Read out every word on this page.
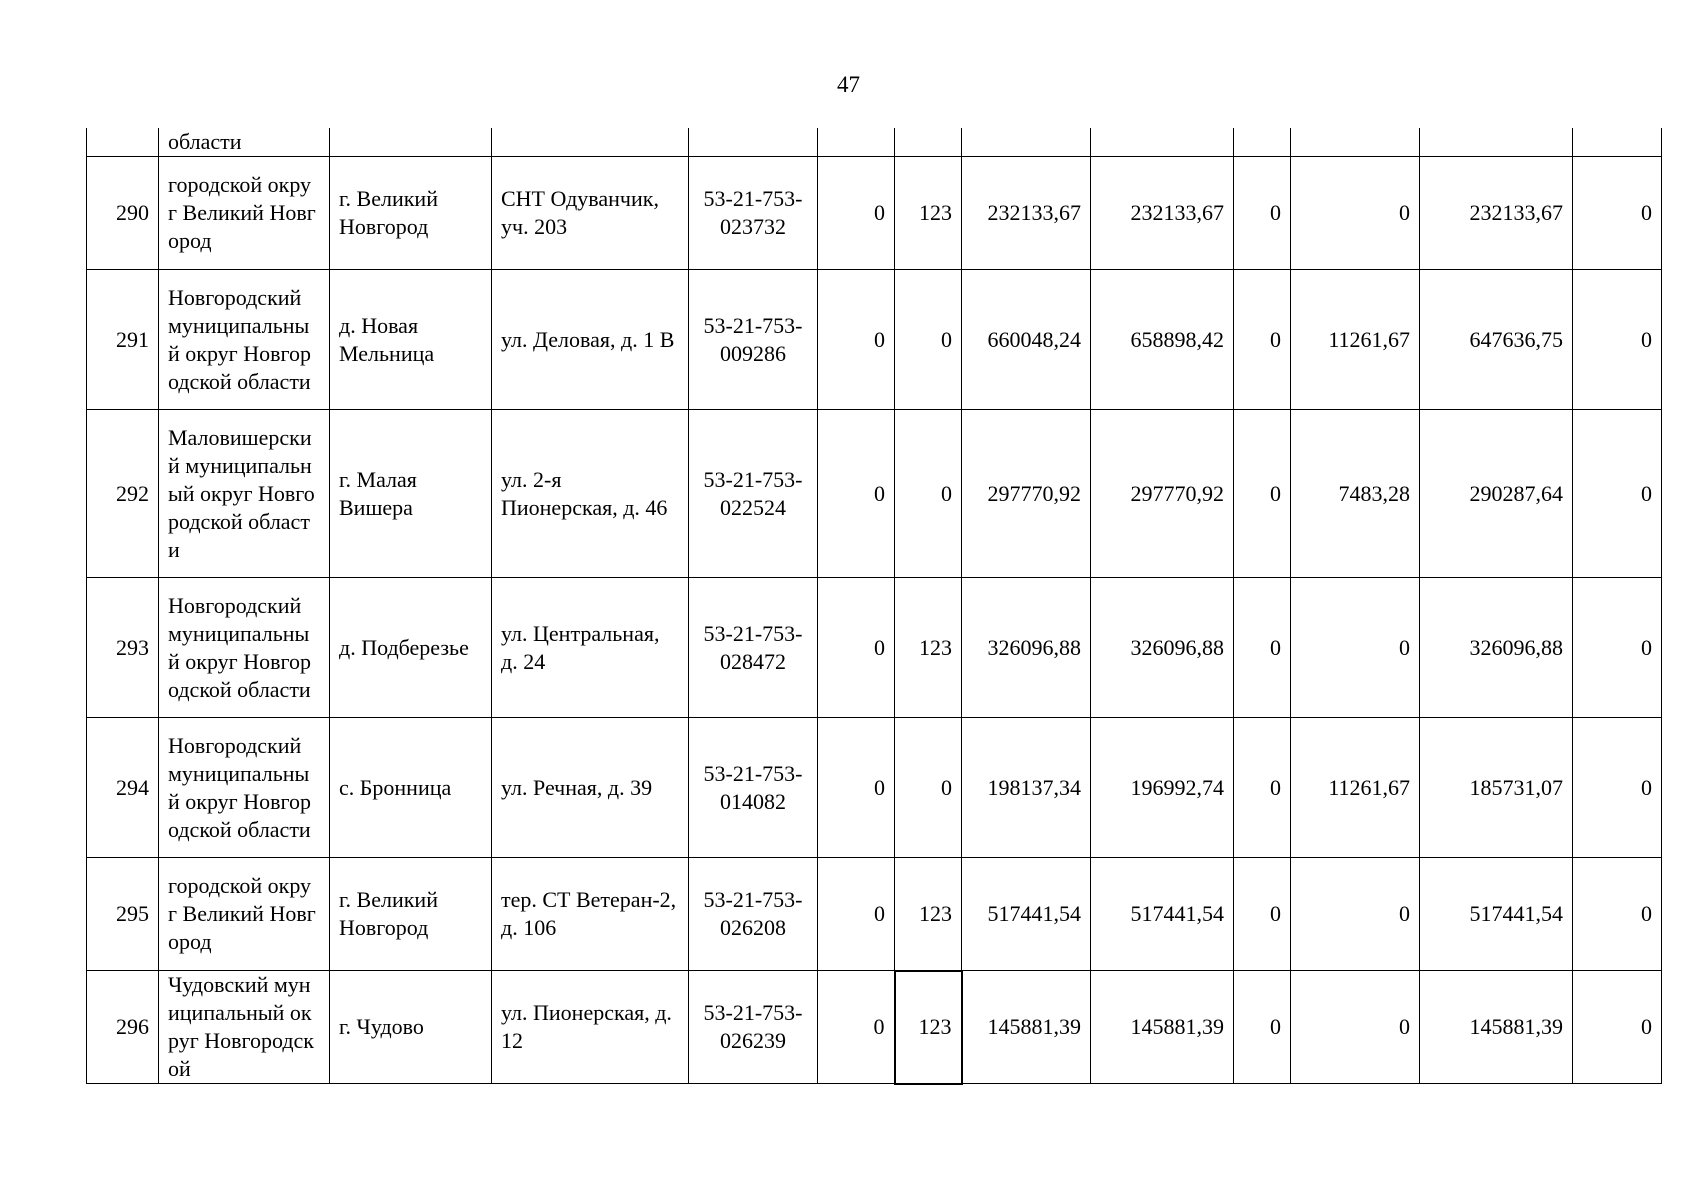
47
	области											
290	городской округ Великий Новгород	г. Великий Новгород	СНТ Одуванчик, уч. 203	53-21-753-023732	0	123	232133,67	232133,67	0	0	232133,67	0
291	Новгородский муниципальный округ Новгородской области	д. Новая Мельница	ул. Деловая, д. 1 В	53-21-753-009286	0	0	660048,24	658898,42	0	11261,67	647636,75	0
292	Маловишерский муниципальный округ Новгородской области	г. Малая Вишера	ул. 2-я Пионерская, д. 46	53-21-753-022524	0	0	297770,92	297770,92	0	7483,28	290287,64	0
293	Новгородский муниципальный округ Новгородской области	д. Подберезье	ул. Центральная, д. 24	53-21-753-028472	0	123	326096,88	326096,88	0	0	326096,88	0
294	Новгородский муниципальный округ Новгородской области	с. Бронница	ул. Речная, д. 39	53-21-753-014082	0	0	198137,34	196992,74	0	11261,67	185731,07	0
295	городской округ Великий Новгород	г. Великий Новгород	тер. СТ Ветеран-2, д. 106	53-21-753-026208	0	123	517441,54	517441,54	0	0	517441,54	0
296	Чудовский муниципальный округ Новгородской	г. Чудово	ул. Пионерская, д. 12	53-21-753-026239	0	123	145881,39	145881,39	0	0	145881,39	0
